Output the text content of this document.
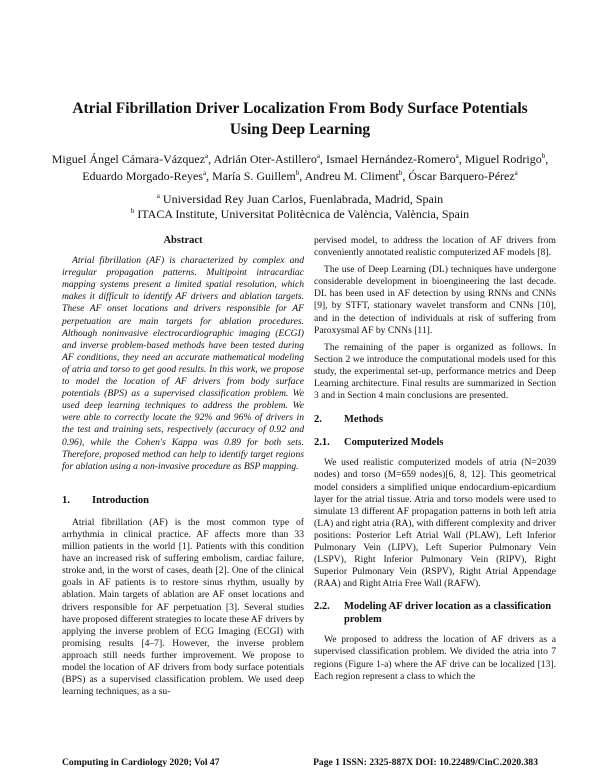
Atrial Fibrillation Driver Localization From Body Surface Potentials Using Deep Learning
Miguel Ángel Cámara-Vázquez$^a$, Adrián Oter-Astillero$^a$, Ismael Hernández-Romero$^a$, Miguel Rodrigo$^b$, Eduardo Morgado-Reyes$^a$, María S. Guillem$^b$, Andreu M. Climent$^b$, Óscar Barquero-Pérez$^a$
$^a$ Universidad Rey Juan Carlos, Fuenlabrada, Madrid, Spain
$^b$ ITACA Institute, Universitat Politècnica de València, València, Spain
Abstract

Atrial fibrillation (AF) is characterized by complex and irregular propagation patterns. Multipoint intracardiac mapping systems present a limited spatial resolution, which makes it difficult to identify AF drivers and ablation targets. These AF onset locations and drivers responsible for AF perpetuation are main targets for ablation procedures. Although noninvasive electrocardiographic imaging (ECGI) and inverse problem-based methods have been tested during AF conditions, they need an accurate mathematical modeling of atria and torso to get good results. In this work, we propose to model the location of AF drivers from body surface potentials (BPS) as a supervised classification problem. We used deep learning techniques to address the problem. We were able to correctly locate the 92% and 96% of drivers in the test and training sets, respectively (accuracy of 0.92 and 0.96), while the Cohen's Kappa was 0.89 for both sets. Therefore, proposed method can help to identify target regions for ablation using a non-invasive procedure as BSP mapping.

1.	Introduction

Atrial fibrillation (AF) is the most common type of arrhythmia in clinical practice. AF affects more than 33 million patients in the world [1]. Patients with this condition have an increased risk of suffering embolism, cardiac failure, stroke and, in the worst of cases, death [2]. One of the clinical goals in AF patients is to restore sinus rhythm, usually by ablation. Main targets of ablation are AF onset locations and drivers responsible for AF perpetuation [3]. Several studies have proposed different strategies to locate these AF drivers by applying the inverse problem of ECG Imaging (ECGI) with promising results [4–7]. However, the inverse problem approach still needs further improvement. We propose to model the location of AF drivers from body surface potentials (BPS) as a supervised classification problem. We used deep learning techniques, as a su-

pervised model, to address the location of AF drivers from conveniently annotated realistic computerized AF models [8].

The use of Deep Learning (DL) techniques have undergone considerable development in bioengineering the last decade. DL has been used in AF detection by using RNNs and CNNs [9], by STFT, stationary wavelet transform and CNNs [10], and in the detection of individuals at risk of suffering from Paroxysmal AF by CNNs [11].

The remaining of the paper is organized as follows. In Section 2 we introduce the computational models used for this study, the experimental set-up, performance metrics and Deep Learning architecture. Final results are summarized in Section 3 and in Section 4 main conclusions are presented.

2.	Methods
2.1.	Computerized Models

We used realistic computerized models of atria (N=2039 nodes) and torso (M=659 nodes)[6, 8, 12]. This geometrical model considers a simplified unique endocardium-epicardium layer for the atrial tissue. Atria and torso models were used to simulate 13 different AF propagation patterns in both left atria (LA) and right atria (RA), with different complexity and driver positions: Posterior Left Atrial Wall (PLAW), Left Inferior Pulmonary Vein (LIPV), Left Superior Pulmonary Vein (LSPV), Right Inferior Pulmonary Vein (RIPV), Right Superior Pulmonary Vein (RSPV), Right Atrial Appendage (RAA) and Right Atria Free Wall (RAFW).

2.2.	Modeling AF driver location as a classification problem

We proposed to address the location of AF drivers as a supervised classification problem. We divided the atria into 7 regions (Figure 1-a) where the AF drive can be localized [13]. Each region represent a class to which the

Computing in Cardiology 2020; Vol 47	Page 1 ISSN: 2325-887X DOI: 10.22489/CinC.2020.383
